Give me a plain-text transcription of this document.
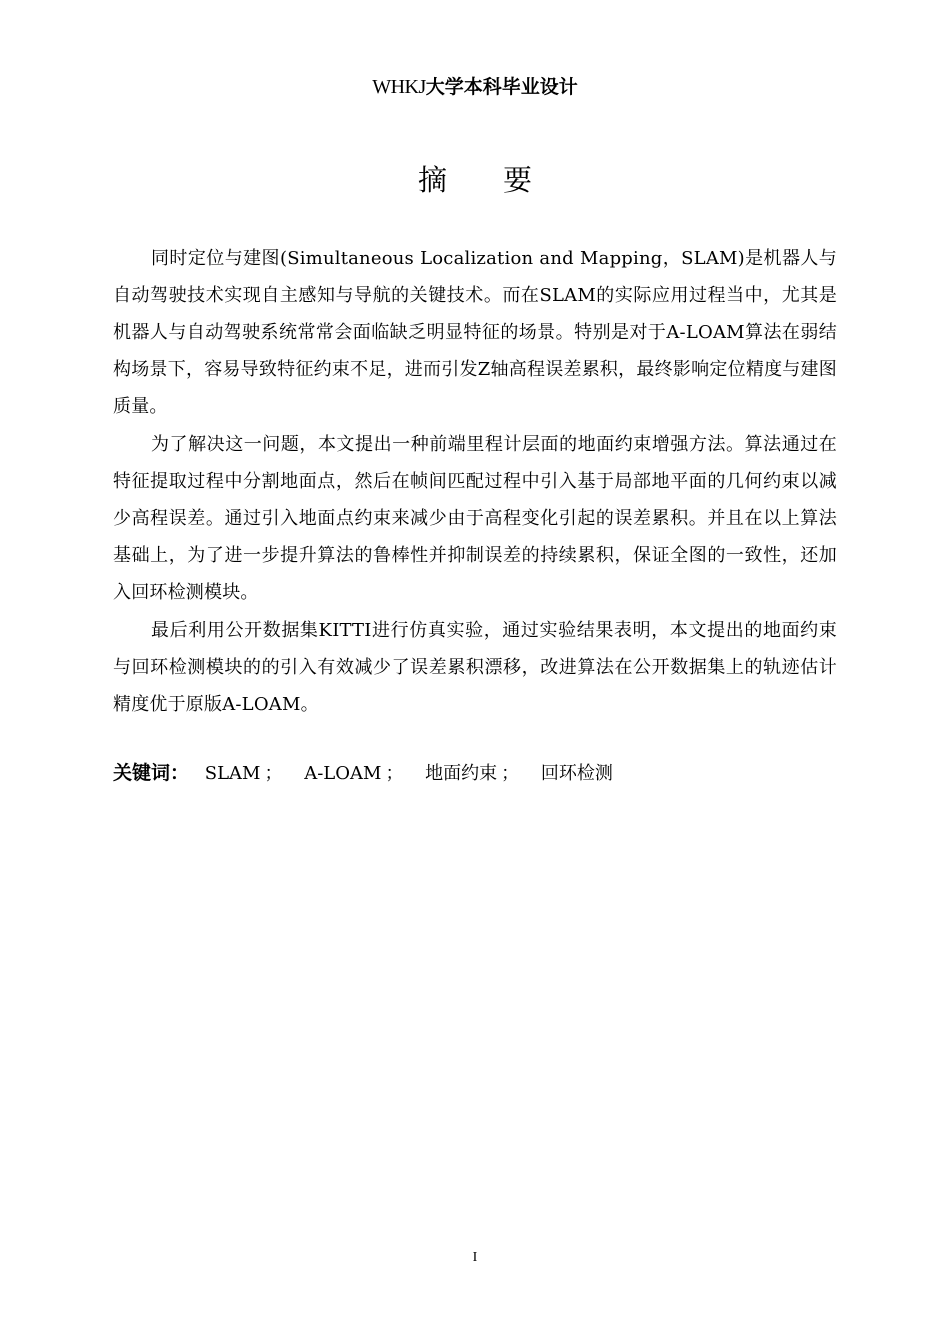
WHKJ大学本科毕业设计
摘 要

同时定位与建图(Simultaneous Localization and Mapping，SLAM)是机器人与自动驾驶技术实现自主感知与导航的关键技术。而在SLAM的实际应用过程当中，尤其是机器人与自动驾驶系统常常会面临缺乏明显特征的场景。特别是对于A-LOAM算法在弱结构场景下，容易导致特征约束不足，进而引发Z轴高程误差累积，最终影响定位精度与建图质量。

为了解决这一问题，本文提出一种前端里程计层面的地面约束增强方法。算法通过在特征提取过程中分割地面点，然后在帧间匹配过程中引入基于局部地平面的几何约束以减少高程误差。通过引入地面点约束来减少由于高程变化引起的误差累积。并且在以上算法基础上，为了进一步提升算法的鲁棒性并抑制误差的持续累积，保证全图的一致性，还加入回环检测模块。

最后利用公开数据集KITTI进行仿真实验，通过实验结果表明，本文提出的地面约束与回环检测模块的的引入有效减少了误差累积漂移，改进算法在公开数据集上的轨迹估计精度优于原版A-LOAM。

关键词： SLAM ； A-LOAM ； 地面约束 ； 回环检测
I
